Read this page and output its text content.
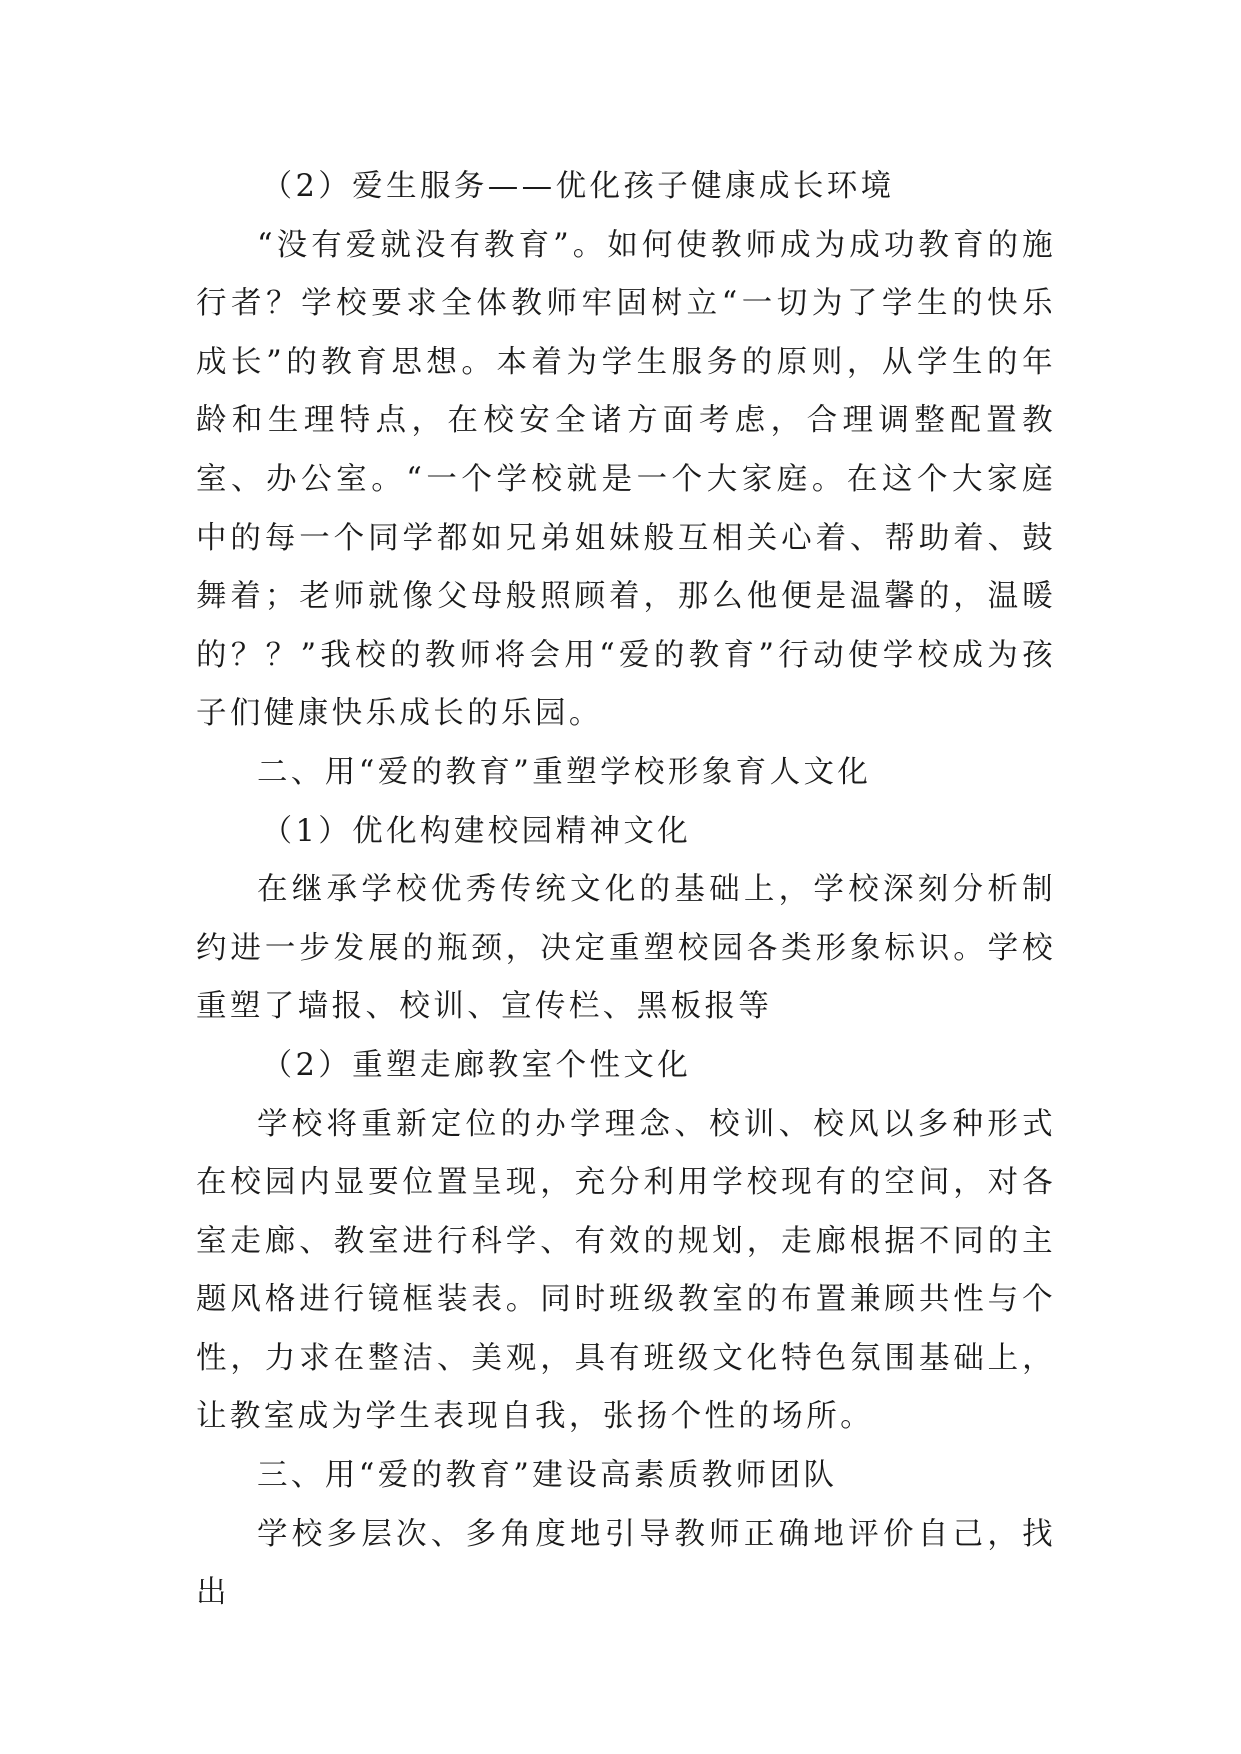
（2）爱生服务——优化孩子健康成长环境

“没有爱就没有教育”。如何使教师成为成功教育的施行者？学校要求全体教师牢固树立“一切为了学生的快乐成长”的教育思想。本着为学生服务的原则，从学生的年龄和生理特点，在校安全诸方面考虑，合理调整配置教室、办公室。“一个学校就是一个大家庭。在这个大家庭中的每一个同学都如兄弟姐妹般互相关心着、帮助着、鼓舞着；老师就像父母般照顾着，那么他便是温馨的，温暖的？？”我校的教师将会用“爱的教育”行动使学校成为孩子们健康快乐成长的乐园。

二、用“爱的教育”重塑学校形象育人文化

（1）优化构建校园精神文化

在继承学校优秀传统文化的基础上，学校深刻分析制约进一步发展的瓶颈，决定重塑校园各类形象标识。学校重塑了墙报、校训、宣传栏、黑板报等

（2）重塑走廊教室个性文化

学校将重新定位的办学理念、校训、校风以多种形式在校园内显要位置呈现，充分利用学校现有的空间，对各室走廊、教室进行科学、有效的规划，走廊根据不同的主题风格进行镜框装表。同时班级教室的布置兼顾共性与个性，力求在整洁、美观，具有班级文化特色氛围基础上，让教室成为学生表现自我，张扬个性的场所。

三、用“爱的教育”建设高素质教师团队

学校多层次、多角度地引导教师正确地评价自己，找出
